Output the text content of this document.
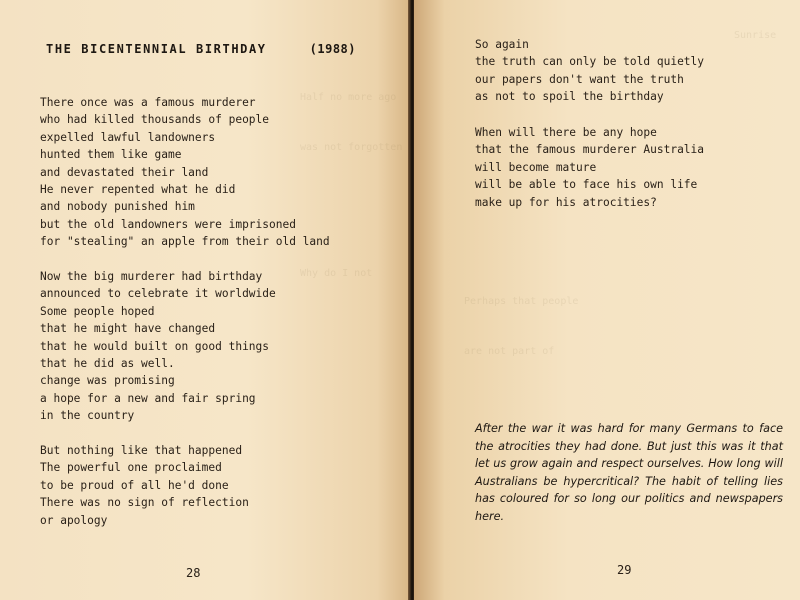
Half no more ago
was not forgotten
Why do I not
THE BICENTENNIAL BIRTHDAY	(1988)
Sunrise
Perhaps that people
are not part of
There once was a famous murderer
who had killed thousands of people
expelled lawful landowners
hunted them like game
and devastated their land
He never repented what he did
and nobody punished him
but the old landowners were imprisoned
for "stealing" an apple from their old land
Now the big murderer had birthday
announced to celebrate it worldwide
Some people hoped
that he might have changed
that he would built on good things
that he did as well.
change was promising
a hope for a new and fair spring
in the country
But nothing like that happened
The powerful one proclaimed
to be proud of all he'd done
There was no sign of reflection
or apology
28
So again
the truth can only be told quietly
our papers don't want the truth
as not to spoil the birthday
When will there be any hope
that the famous murderer Australia
will become mature
will be able to face his own life
make up for his atrocities?
After the war it was hard for many Germans to face the atrocities they had done. But just this was it that let us grow again and respect ourselves. How long will Australians be hypercritical? The habit of telling lies has coloured for so long our politics and newspapers here.
29
